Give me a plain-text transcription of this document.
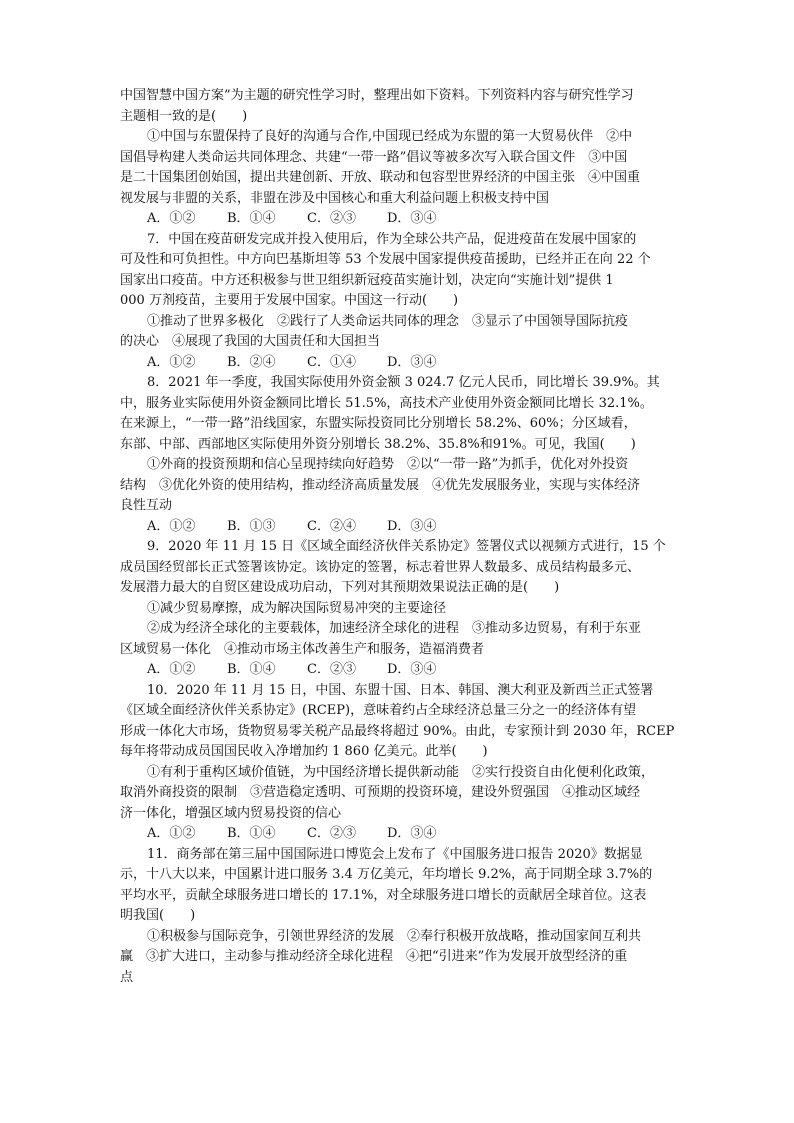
中国智慧中国方案”为主题的研究性学习时，整理出如下资料。下列资料内容与研究性学习
主题相一致的是(　　)
①中国与东盟保持了良好的沟通与合作,中国现已经成为东盟的第一大贸易伙伴　②中
国倡导构建人类命运共同体理念、共建“一带一路”倡议等被多次写入联合国文件　③中国
是二十国集团创始国，提出共建创新、开放、联动和包容型世界经济的中国主张　④中国重
视发展与非盟的关系，非盟在涉及中国核心和重大利益问题上积极支持中国
A．①②	B．①④	C．②③	D．③④
7．中国在疫苗研发完成并投入使用后，作为全球公共产品，促进疫苗在发展中国家的
可及性和可负担性。中方向巴基斯坦等 53 个发展中国家提供疫苗援助，已经并正在向 22 个
国家出口疫苗。中方还积极参与世卫组织新冠疫苗实施计划，决定向“实施计划”提供 1
000 万剂疫苗，主要用于发展中国家。中国这一行动(　　)
①推动了世界多极化　②践行了人类命运共同体的理念　③显示了中国领导国际抗疫
的决心　④展现了我国的大国责任和大国担当
A．①②	B．②④	C．①④	D．③④
8．2021 年一季度，我国实际使用外资金额 3 024.7 亿元人民币，同比增长 39.9%。其
中，服务业实际使用外资金额同比增长 51.5%，高技术产业使用外资金额同比增长 32.1%。
在来源上，“一带一路”沿线国家，东盟实际投资同比分别增长 58.2%、60%；分区域看，
东部、中部、西部地区实际使用外资分别增长 38.2%、35.8%和91%。可见，我国(　　)
①外商的投资预期和信心呈现持续向好趋势　②以“一带一路”为抓手，优化对外投资
结构　③优化外资的使用结构，推动经济高质量发展　④优先发展服务业，实现与实体经济
良性互动
A．①②	B．①③	C．②④	D．③④
9．2020 年 11 月 15 日《区域全面经济伙伴关系协定》签署仪式以视频方式进行，15 个
成员国经贸部长正式签署该协定。该协定的签署，标志着世界人数最多、成员结构最多元、
发展潜力最大的自贸区建设成功启动，下列对其预期效果说法正确的是(　　)
①减少贸易摩擦，成为解决国际贸易冲突的主要途径
②成为经济全球化的主要载体，加速经济全球化的进程　③推动多边贸易，有利于东亚
区域贸易一体化　④推动市场主体改善生产和服务，造福消费者
A．①②	B．①④	C．②③	D．③④
10．2020 年 11 月 15 日，中国、东盟十国、日本、韩国、澳大利亚及新西兰正式签署
《区域全面经济伙伴关系协定》(RCEP)，意味着约占全球经济总量三分之一的经济体有望
形成一体化大市场，货物贸易零关税产品最终将超过 90%。由此，专家预计到 2030 年，RCEP
每年将带动成员国国民收入净增加约 1 860 亿美元。此举(　　)
①有利于重构区域价值链，为中国经济增长提供新动能　②实行投资自由化便利化政策，
取消外商投资的限制　③营造稳定透明、可预期的投资环境，建设外贸强国　④推动区域经
济一体化，增强区域内贸易投资的信心
A．①②	B．①④	C．②③	D．③④
11．商务部在第三届中国国际进口博览会上发布了《中国服务进口报告 2020》数据显
示，十八大以来，中国累计进口服务 3.4 万亿美元，年均增长 9.2%，高于同期全球 3.7%的
平均水平，贡献全球服务进口增长的 17.1%，对全球服务进口增长的贡献居全球首位。这表
明我国(　　)
①积极参与国际竞争，引领世界经济的发展　②奉行积极开放战略，推动国家间互利共
赢　③扩大进口，主动参与推动经济全球化进程　④把“引进来”作为发展开放型经济的重
点
